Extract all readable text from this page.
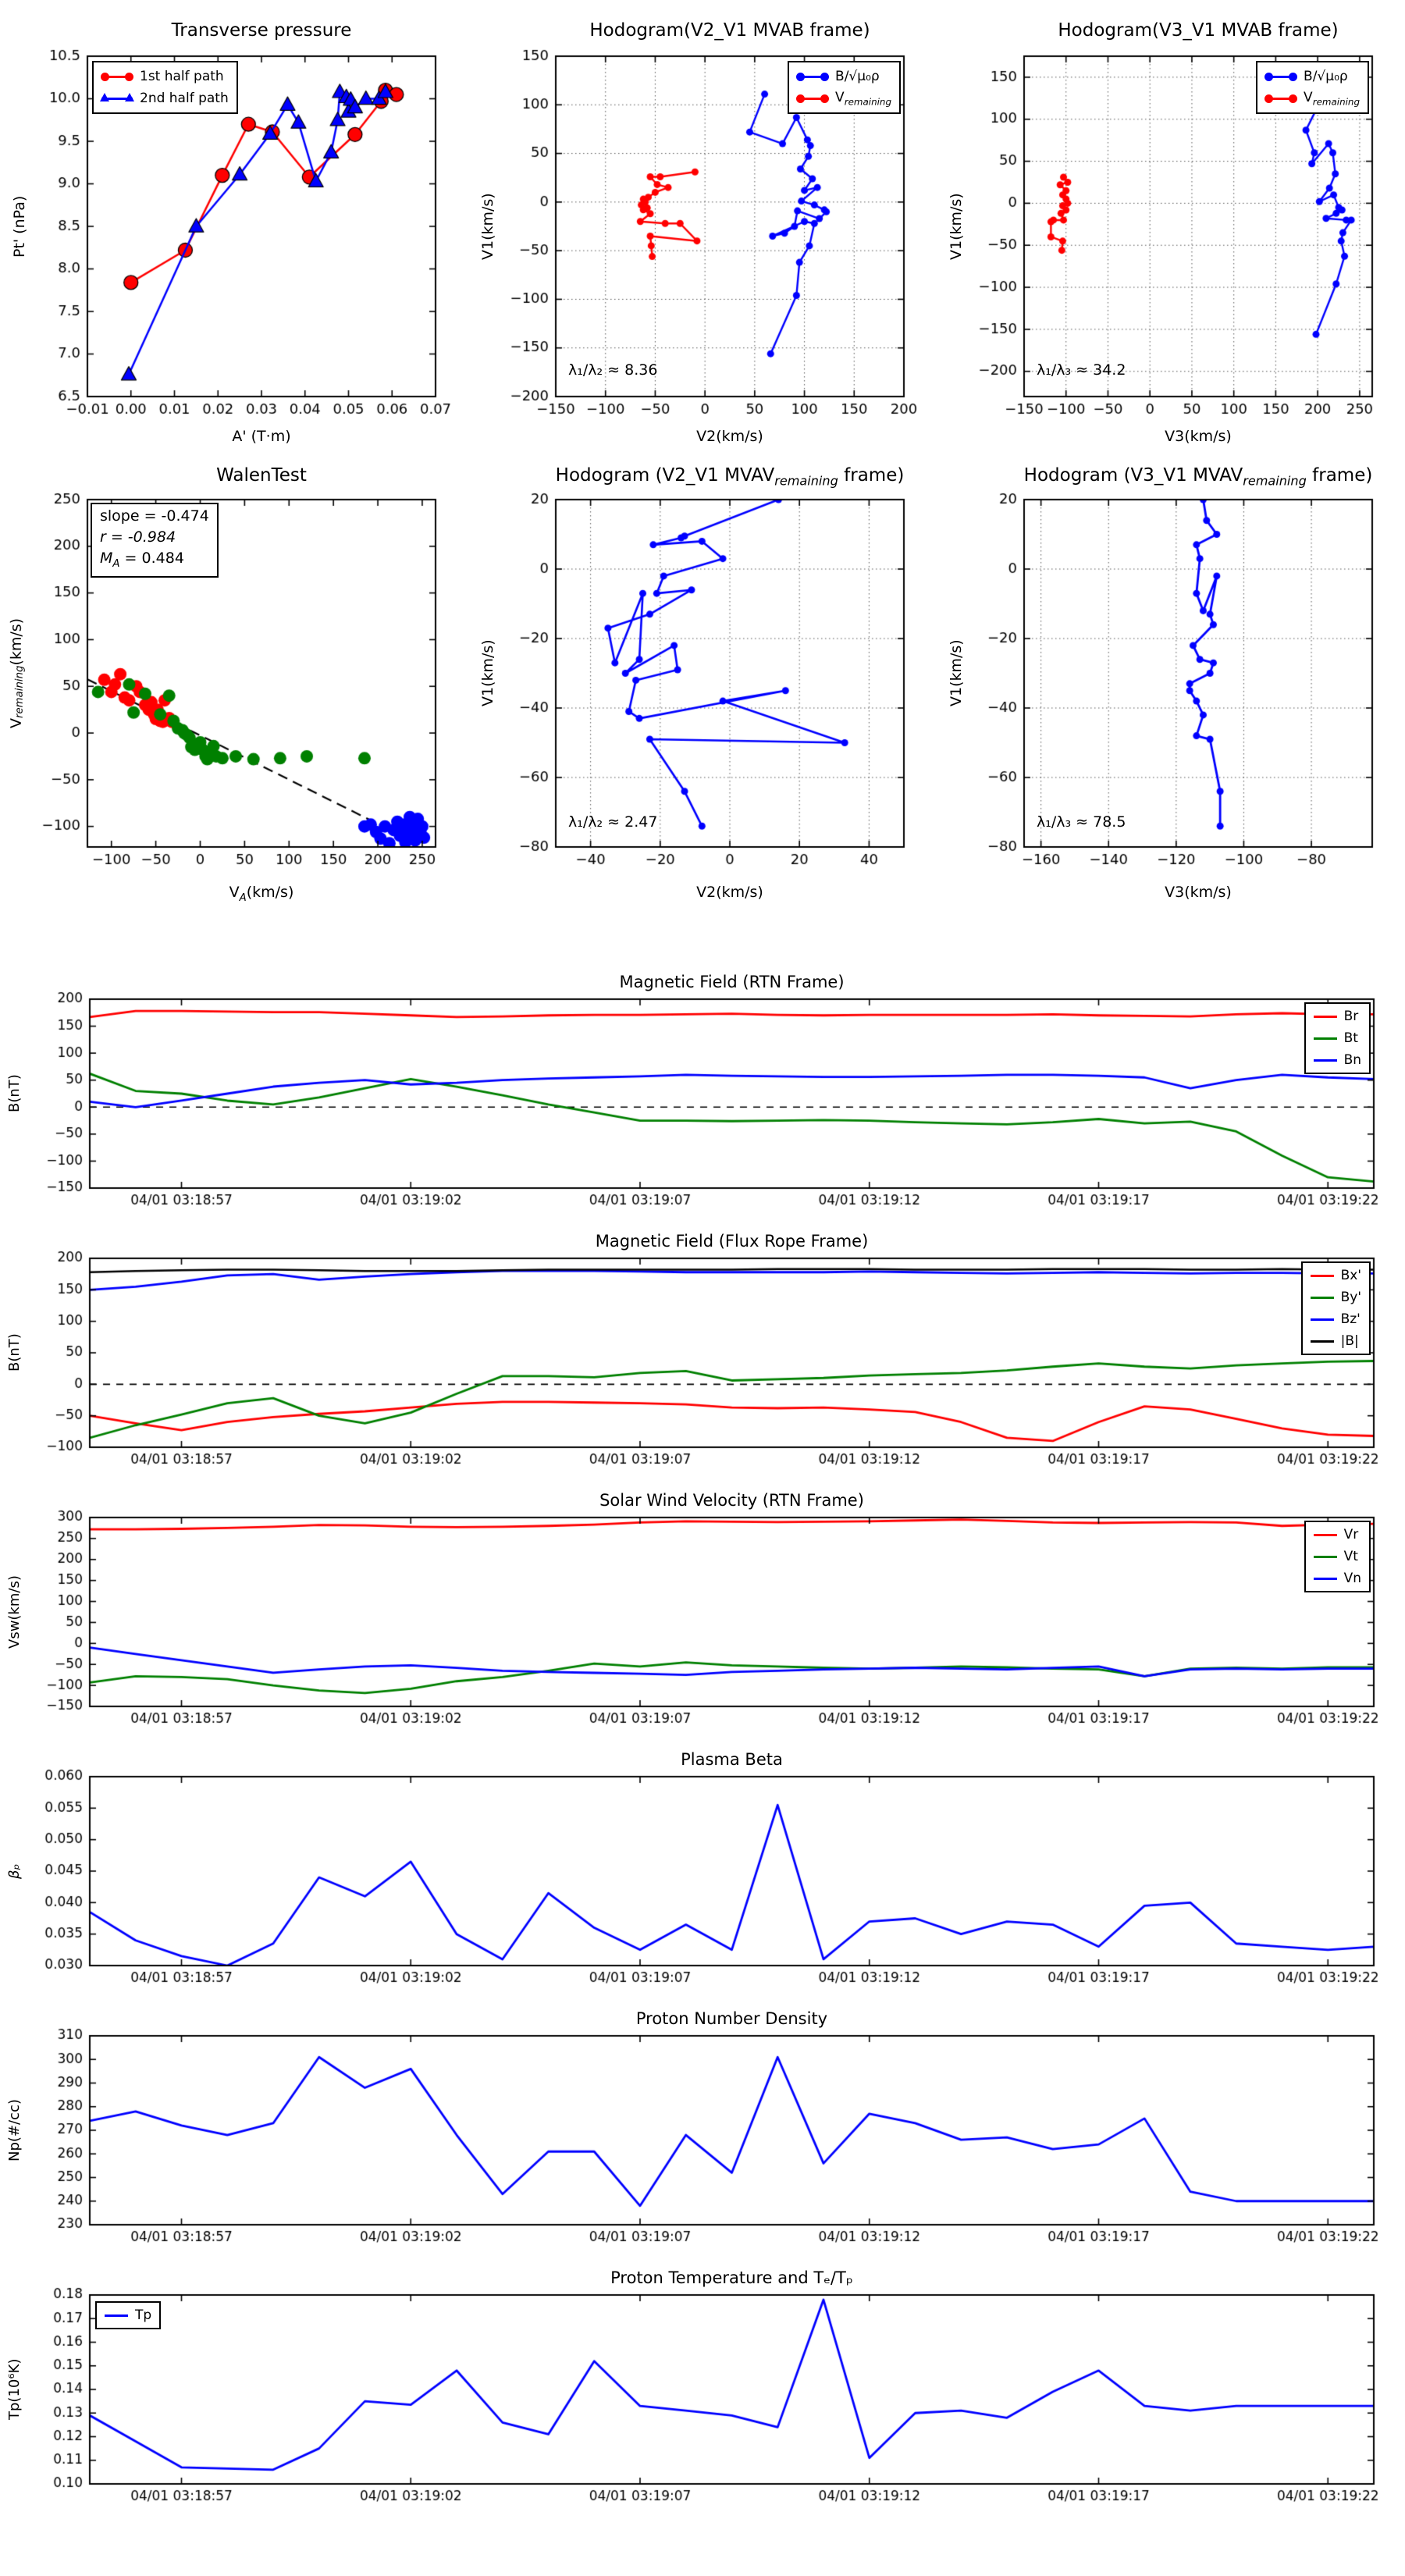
Transverse pressure
Pt' (nPa)
A' (T·m)
1st half path
2nd half path
Hodogram(V2_V1 MVAB frame)
V1(km/s)
V2(km/s)
B/√μ₀ρ
$V_{remaining}$
λ₁/λ₂ ≈ 8.36
Hodogram(V3_V1 MVAB frame)
V1(km/s)
V3(km/s)
B/√μ₀ρ
$V_{remaining}$
λ₁/λ₃ ≈ 34.2
WalenTest
$V_{remaining}(km/s)$
$V_A(km/s)$
slope = -0.474
r = -0.984
$M_A = 0.484$
Hodogram (V2_V1 $MVAV_{remaining}$ frame)
V1(km/s)
V2(km/s)
λ₁/λ₂ ≈ 2.47
Hodogram (V3_V1 $MVAV_{remaining}$ frame)
V1(km/s)
V3(km/s)
λ₁/λ₃ ≈ 78.5
Magnetic Field (RTN Frame)
B(nT)
Br
Bt
Bn
Magnetic Field (Flux Rope Frame)
B(nT)
Bx'
By'
Bz'
|B|
Solar Wind Velocity (RTN Frame)
Vsw(km/s)
Vr
Vt
Vn
Plasma Beta
βₚ
Proton Number Density
Np(#/cc)
Proton Temperature and Tₑ/Tₚ
Tp(10⁶K)
Tp
